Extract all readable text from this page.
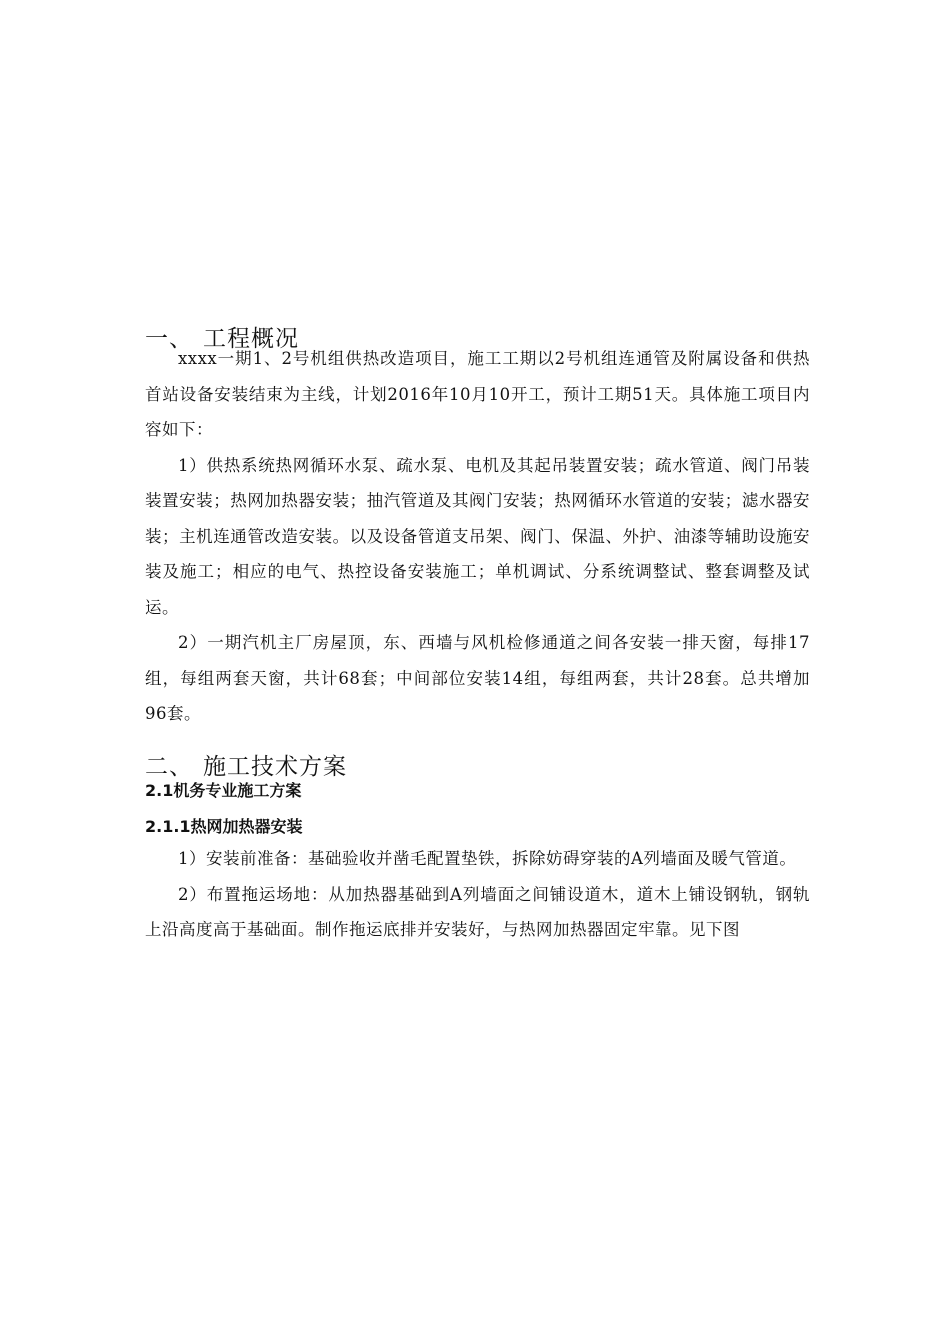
一、 工程概况

xxxx一期1、2号机组供热改造项目，施工工期以2号机组连通管及附属设备和供热首站设备安装结束为主线，计划2016年10月10开工，预计工期51天。具体施工项目内容如下：

1）供热系统热网循环水泵、疏水泵、电机及其起吊装置安装；疏水管道、阀门吊装装置安装；热网加热器安装；抽汽管道及其阀门安装；热网循环水管道的安装；滤水器安装；主机连通管改造安装。以及设备管道支吊架、阀门、保温、外护、油漆等辅助设施安装及施工；相应的电气、热控设备安装施工；单机调试、分系统调整试、整套调整及试运。

2）一期汽机主厂房屋顶，东、西墙与风机检修通道之间各安装一排天窗，每排17组，每组两套天窗，共计68套；中间部位安装14组，每组两套，共计28套。总共增加96套。

二、 施工技术方案
2.1机务专业施工方案
2.1.1热网加热器安装

1）安装前准备：基础验收并凿毛配置垫铁，拆除妨碍穿装的A列墙面及暖气管道。

2）布置拖运场地：从加热器基础到A列墙面之间铺设道木，道木上铺设钢轨，钢轨上沿高度高于基础面。制作拖运底排并安装好，与热网加热器固定牢靠。见下图
